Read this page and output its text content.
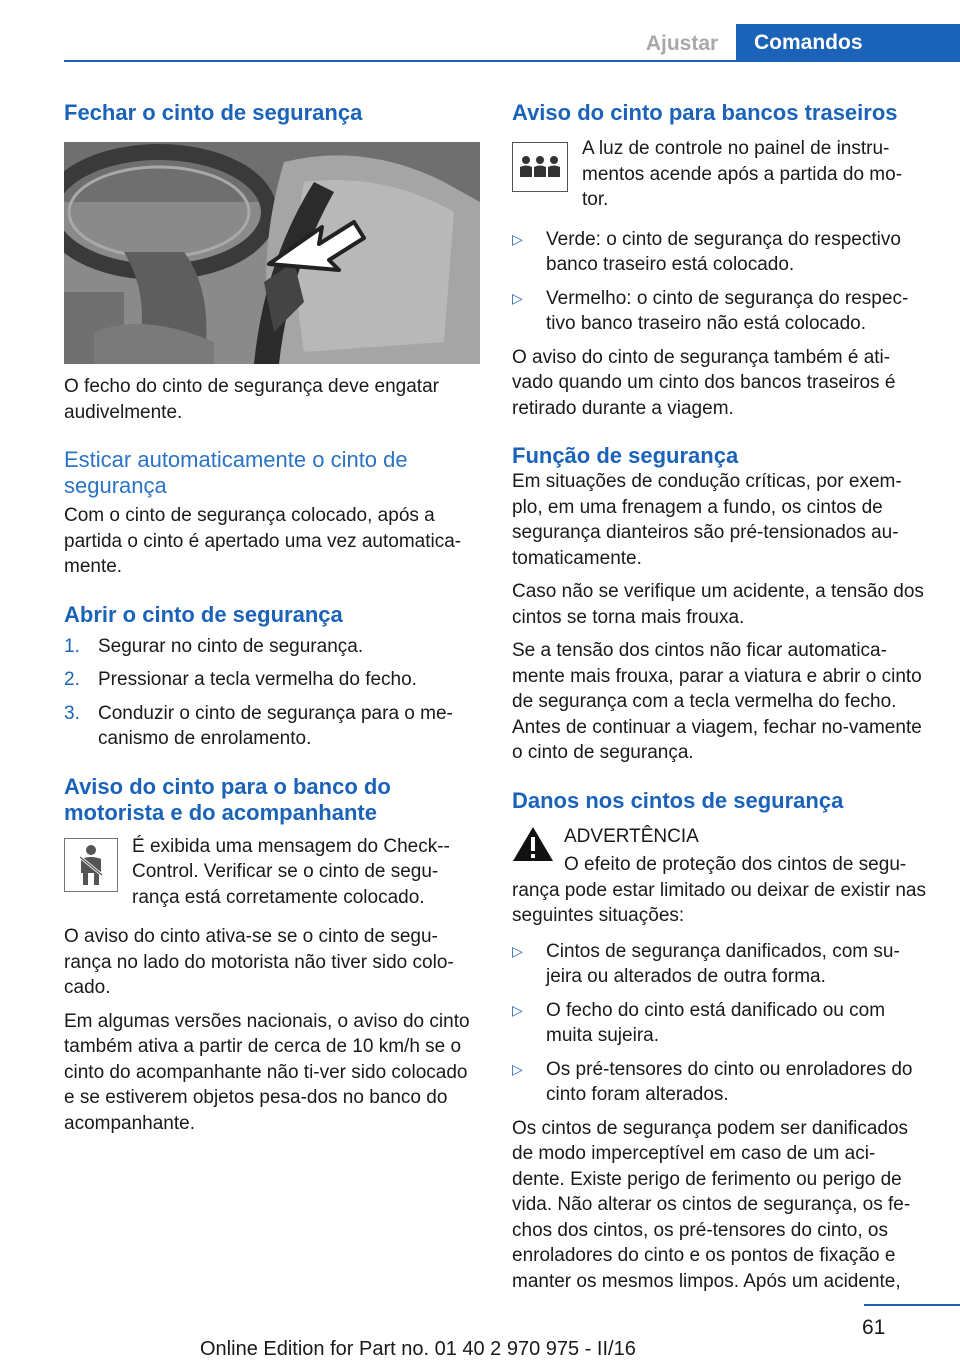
Ajustar	Comandos
Fechar o cinto de segurança

O fecho do cinto de segurança deve engatar audivelmente.

Esticar automaticamente o cinto de segurança

Com o cinto de segurança colocado, após a partida o cinto é apertado uma vez automatica-mente.

Abrir o cinto de segurança
1. Segurar no cinto de segurança.
2. Pressionar a tecla vermelha do fecho.
3. Conduzir o cinto de segurança para o me-canismo de enrolamento.
Aviso do cinto para o banco do motorista e do acompanhante

É exibida uma mensagem do Check--Control. Verificar se o cinto de segu-rança está corretamente colocado.

O aviso do cinto ativa-se se o cinto de segu-rança no lado do motorista não tiver sido colo-cado.

Em algumas versões nacionais, o aviso do cinto também ativa a partir de cerca de 10 km/h se o cinto do acompanhante não ti-ver sido colocado e se estiverem objetos pesa-dos no banco do acompanhante.

Aviso do cinto para bancos traseiros

A luz de controle no painel de instru-mentos acende após a partida do mo-tor.

▷	Verde: o cinto de segurança do respectivo banco traseiro está colocado.
▷	Vermelho: o cinto de segurança do respec-tivo banco traseiro não está colocado.

O aviso do cinto de segurança também é ati-vado quando um cinto dos bancos traseiros é retirado durante a viagem.

Função de segurança

Em situações de condução críticas, por exem-plo, em uma frenagem a fundo, os cintos de segurança dianteiros são pré-tensionados au-tomaticamente.

Caso não se verifique um acidente, a tensão dos cintos se torna mais frouxa.

Se a tensão dos cintos não ficar automatica-mente mais frouxa, parar a viatura e abrir o cinto de segurança com a tecla vermelha do fecho. Antes de continuar a viagem, fechar no-vamente o cinto de segurança.

Danos nos cintos de segurança

ADVERTÊNCIA

O efeito de proteção dos cintos de segu-

rança pode estar limitado ou deixar de existir nas seguintes situações:

▷	Cintos de segurança danificados, com su-jeira ou alterados de outra forma.
▷	O fecho do cinto está danificado ou com muita sujeira.
▷	Os pré-tensores do cinto ou enroladores do cinto foram alterados.

Os cintos de segurança podem ser danificados de modo imperceptível em caso de um aci-dente. Existe perigo de ferimento ou perigo de vida. Não alterar os cintos de segurança, os fe-chos dos cintos, os pré-tensores do cinto, os enroladores do cinto e os pontos de fixação e manter os mesmos limpos. Após um acidente,

61
Online Edition for Part no. 01 40 2 970 975 - II/16
